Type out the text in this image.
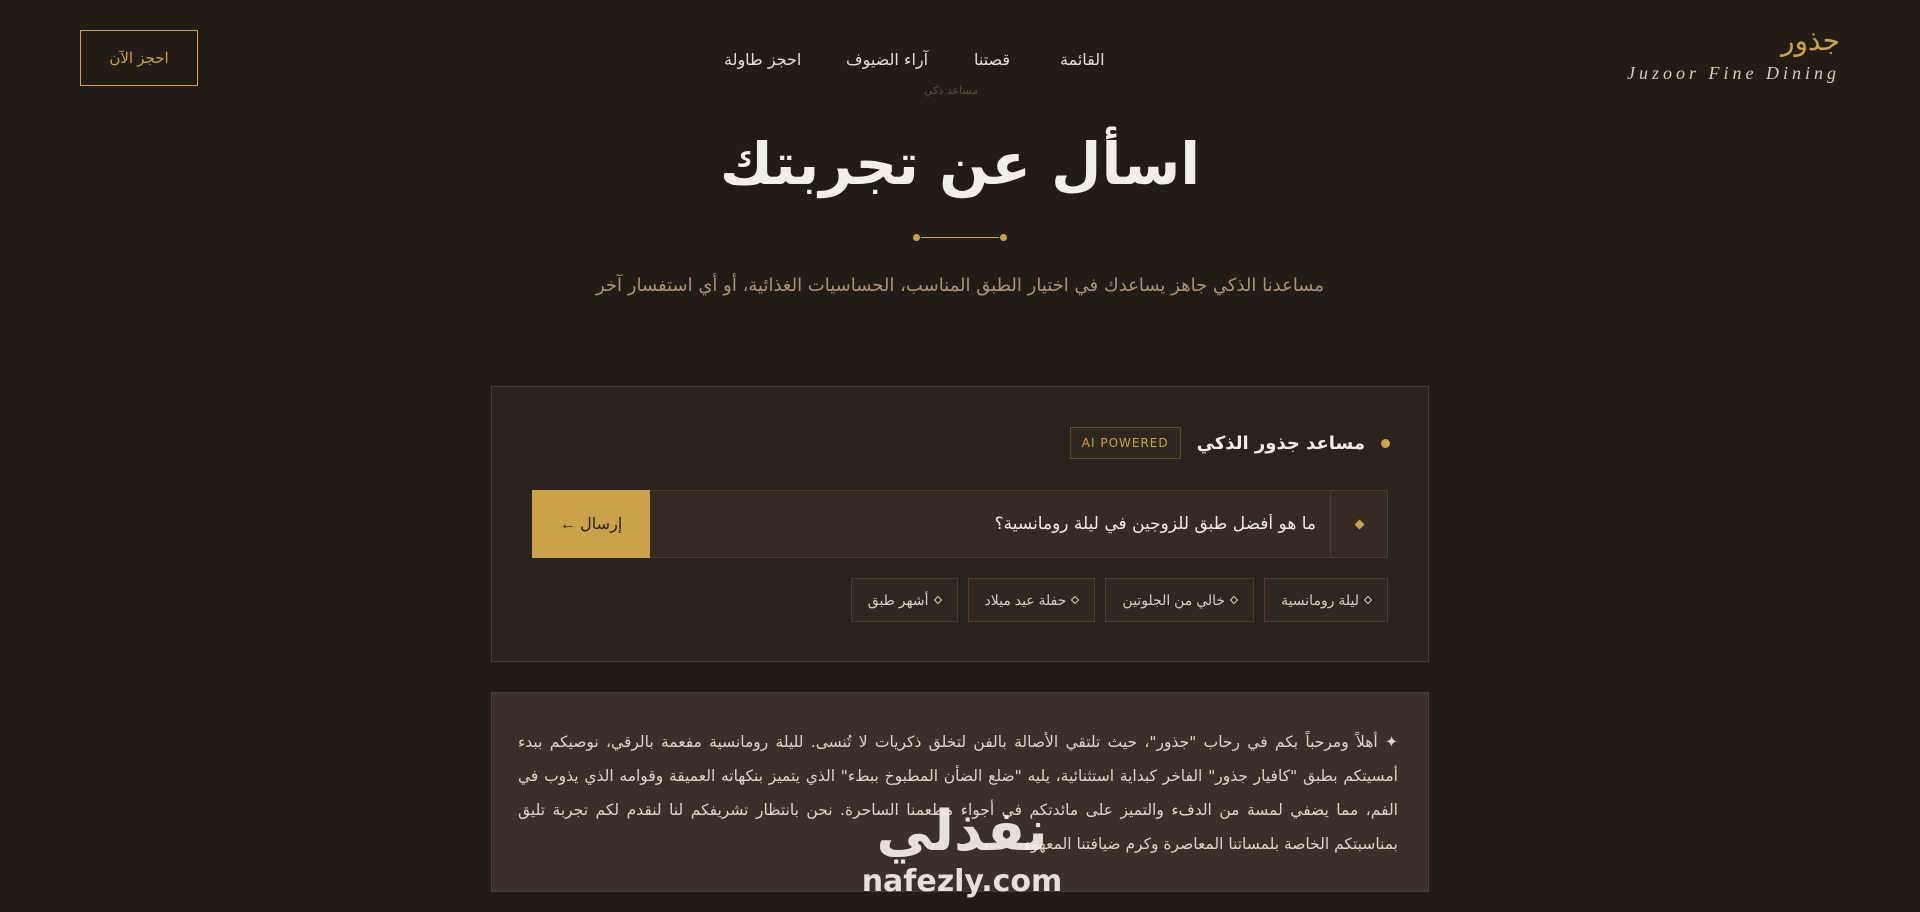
جذور
Juzoor Fine Dining
القائمة
قصتنا
آراء الضيوف
احجز طاولة
مساعد ذكي
احجز الآن
اسأل عن تجربتك

مساعدنا الذكي جاهز يساعدك في اختيار الطبق المناسب، الحساسيات الغذائية، أو أي استفسار آخر

مساعد جذور الذكي
AI POWERED
ما هو أفضل طبق للزوجين في ليلة رومانسية؟
إرسال ←
ليلة رومانسية
خالي من الجلوتين
حفلة عيد ميلاد
أشهر طبق

✦ أهلاً ومرحباً بكم في رحاب "جذور"، حيث تلتقي الأصالة بالفن لتخلق ذكريات لا تُنسى. لليلة رومانسية مفعمة بالرقي، نوصيكم ببدء أمسيتكم بطبق "كافيار جذور" الفاخر كبداية استثنائية، يليه "ضلع الضأن المطبوخ ببطء" الذي يتميز بنكهاته العميقة وقوامه الذي يذوب في الفم، مما يضفي لمسة من الدفء والتميز على مائدتكم في أجواء مطعمنا الساحرة. نحن بانتظار تشريفكم لنا لنقدم لكم تجربة تليق بمناسبتكم الخاصة بلمساتنا المعاصرة وكرم ضيافتنا المعهود

نفذلي
nafezly.com
